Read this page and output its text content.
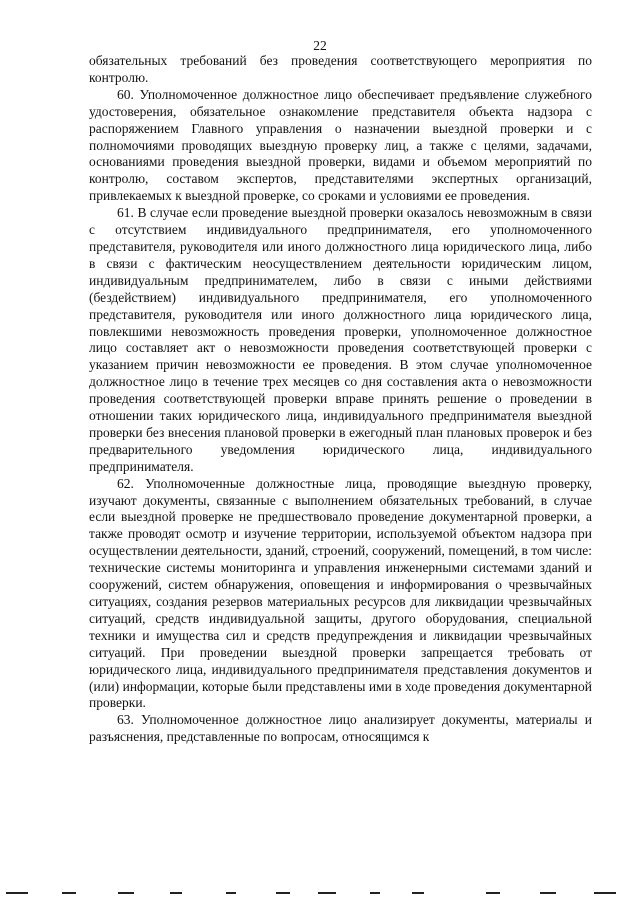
22

обязательных требований без проведения соответствующего мероприятия по контролю.

60. Уполномоченное должностное лицо обеспечивает предъявление служебного удостоверения, обязательное ознакомление представителя объекта надзора с распоряжением Главного управления о назначении выездной проверки и с полномочиями проводящих выездную проверку лиц, а также с целями, задачами, основаниями проведения выездной проверки, видами и объемом мероприятий по контролю, составом экспертов, представителями экспертных организаций, привлекаемых к выездной проверке, со сроками и условиями ее проведения.

61. В случае если проведение выездной проверки оказалось невозможным в связи с отсутствием индивидуального предпринимателя, его уполномоченного представителя, руководителя или иного должностного лица юридического лица, либо в связи с фактическим неосуществлением деятельности юридическим лицом, индивидуальным предпринимателем, либо в связи с иными действиями (бездействием) индивидуального предпринимателя, его уполномоченного представителя, руководителя или иного должностного лица юридического лица, повлекшими невозможность проведения проверки, уполномоченное должностное лицо составляет акт о невозможности проведения соответствующей проверки с указанием причин невозможности ее проведения. В этом случае уполномоченное должностное лицо в течение трех месяцев со дня составления акта о невозможности проведения соответствующей проверки вправе принять решение о проведении в отношении таких юридического лица, индивидуального предпринимателя выездной проверки без внесения плановой проверки в ежегодный план плановых проверок и без предварительного уведомления юридического лица, индивидуального предпринимателя.

62. Уполномоченные должностные лица, проводящие выездную проверку, изучают документы, связанные с выполнением обязательных требований, в случае если выездной проверке не предшествовало проведение документарной проверки, а также проводят осмотр и изучение территории, используемой объектом надзора при осуществлении деятельности, зданий, строений, сооружений, помещений, в том числе: технические системы мониторинга и управления инженерными системами зданий и сооружений, систем обнаружения, оповещения и информирования о чрезвычайных ситуациях, создания резервов материальных ресурсов для ликвидации чрезвычайных ситуаций, средств индивидуальной защиты, другого оборудования, специальной техники и имущества сил и средств предупреждения и ликвидации чрезвычайных ситуаций. При проведении выездной проверки запрещается требовать от юридического лица, индивидуального предпринимателя представления документов и (или) информации, которые были представлены ими в ходе проведения документарной проверки.

63. Уполномоченное должностное лицо анализирует документы, материалы и разъяснения, представленные по вопросам, относящимся к
